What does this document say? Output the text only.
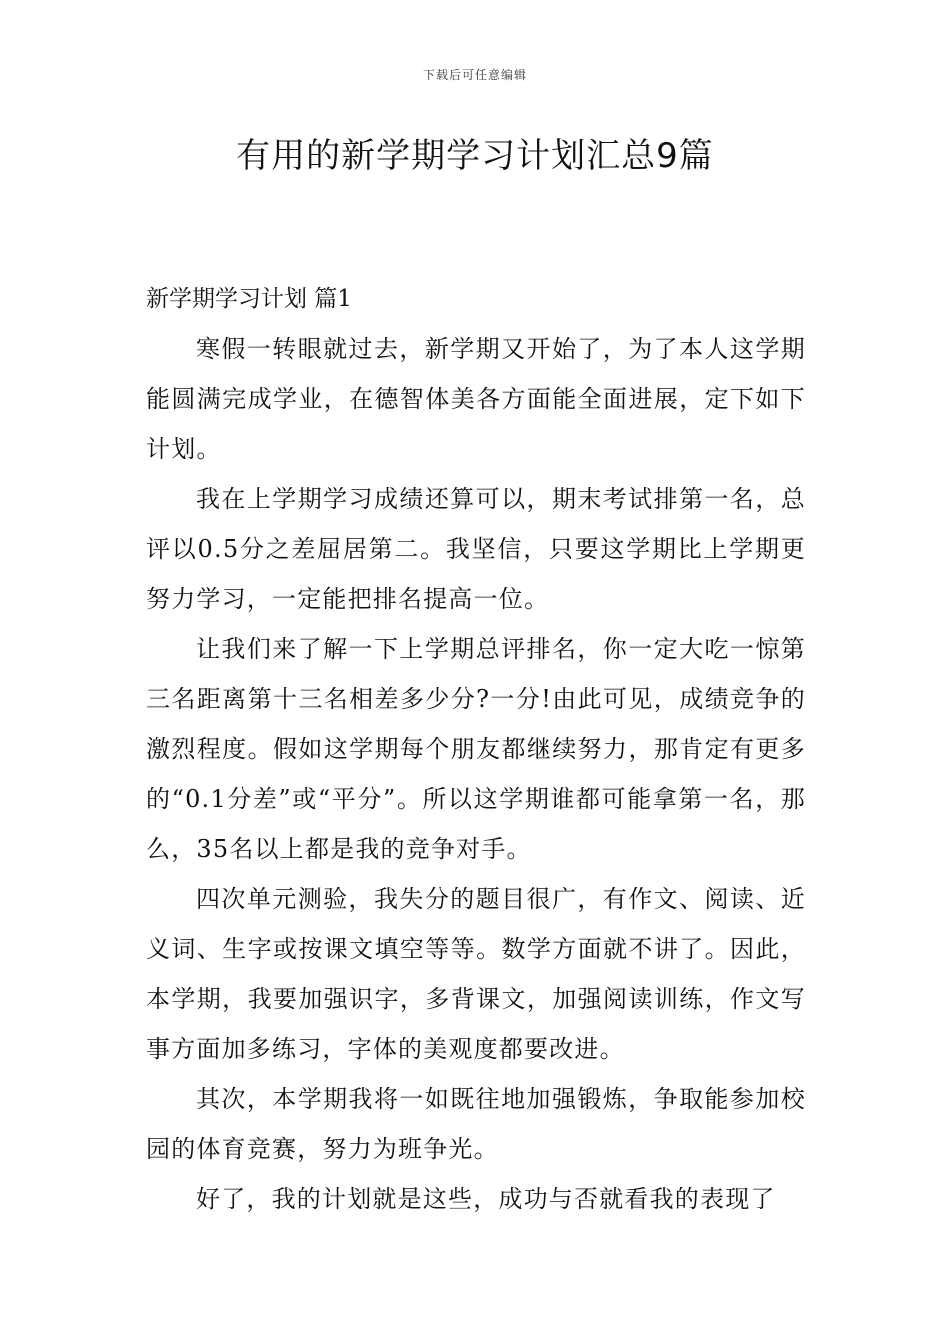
下载后可任意编辑
有用的新学期学习计划汇总9篇
新学期学习计划 篇1

寒假一转眼就过去，新学期又开始了，为了本人这学期能圆满完成学业，在德智体美各方面能全面进展，定下如下计划。

我在上学期学习成绩还算可以，期末考试排第一名，总评以0.5分之差屈居第二。我坚信，只要这学期比上学期更努力学习，一定能把排名提高一位。

让我们来了解一下上学期总评排名，你一定大吃一惊第三名距离第十三名相差多少分?一分!由此可见，成绩竞争的激烈程度。假如这学期每个朋友都继续努力，那肯定有更多的“0.1分差”或“平分”。所以这学期谁都可能拿第一名，那么，35名以上都是我的竞争对手。

四次单元测验，我失分的题目很广，有作文、阅读、近义词、生字或按课文填空等等。数学方面就不讲了。因此，本学期，我要加强识字，多背课文，加强阅读训练，作文写事方面加多练习，字体的美观度都要改进。

其次，本学期我将一如既往地加强锻炼，争取能参加校园的体育竞赛，努力为班争光。

好了，我的计划就是这些，成功与否就看我的表现了
